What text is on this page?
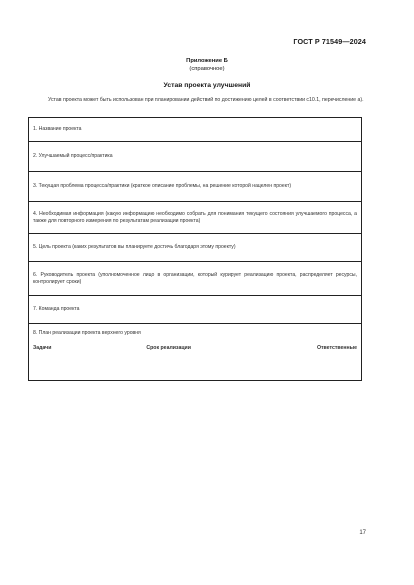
ГОСТ Р 71549—2024
Приложение Б
(справочное)
Устав проекта улучшений
Устав проекта может быть использован при планировании действий по достижению целей в соответствии с10.1, перечисление а).
1. Название проекта
2. Улучшаемый процесс/практика
3. Текущая проблема процесса/практики (краткое описание проблемы, на решение которой нацелен проект)
4. Необходимая информация (какую информацию необходимо собрать для понимания текущего состояния улучшаемого процесса, а также для повторного измерения по результатам реализации проекта)
5. Цель проекта (каких результатов вы планируете достичь благодаря этому проекту)
6. Руководитель проекта (уполномоченное лицо в организации, который курирует реализацию проекта, распределяет ресурсы, контролирует сроки)
7. Команда проекта
8. План реализации проекта верхнего уровня
Задачи	Срок реализации	Ответственные
17
